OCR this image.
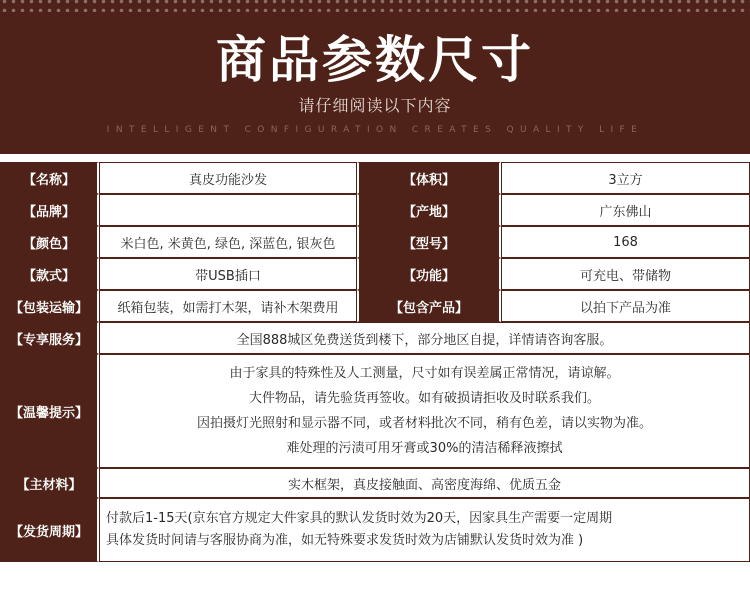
商品参数尺寸
请仔细阅读以下内容
INTELLIGENT CONFIGURATION CREATES QUALITY LIFE
【名称】	真皮功能沙发	【体积】	3立方
【品牌】		【产地】	广东佛山
【颜色】	米白色, 米黄色, 绿色, 深蓝色, 银灰色	【型号】	168
【款式】	带USB插口	【功能】	可充电、带储物
【包装运输】	纸箱包装，如需打木架，请补木架费用	【包含产品】	以拍下产品为准
【专享服务】	全国888城区免费送货到楼下，部分地区自提，详情请咨询客服。		
【温馨提示】	由于家具的特殊性及人工测量，尺寸如有误差属正常情况，请谅解。
大件物品，请先验货再签收。如有破损请拒收及时联系我们。
因拍摄灯光照射和显示器不同，或者材料批次不同，稍有色差，请以实物为准。
难处理的污渍可用牙膏或30%的清洁稀释液擦拭		

【主材料】	实木框架，真皮接触面、高密度海绵、优质五金		
【发货周期】	付款后1-15天(京东官方规定大件家具的默认发货时效为20天，因家具生产需要一定周期
具体发货时间请与客服协商为准，如无特殊要求发货时效为店铺默认发货时效为准 )		
